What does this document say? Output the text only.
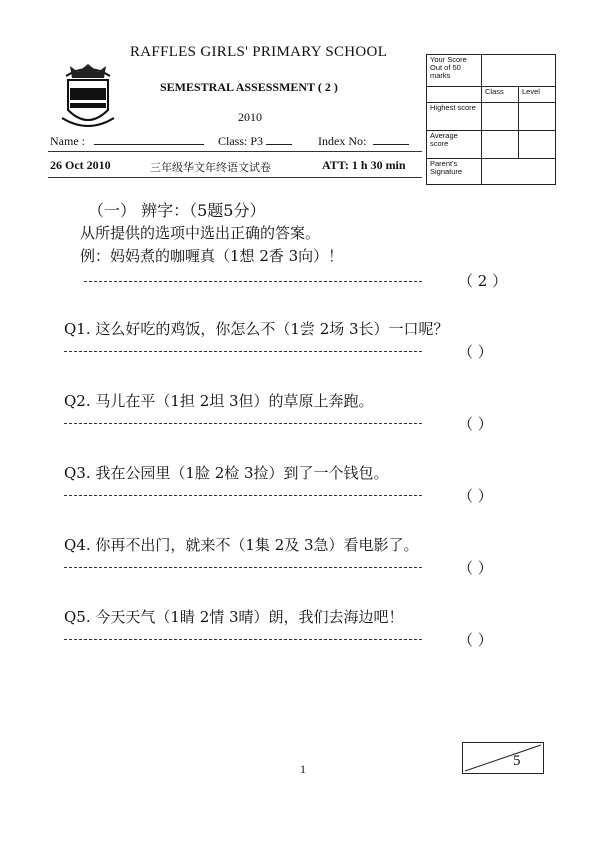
RAFFLES GIRLS' PRIMARY SCHOOL
SEMESTRAL ASSESSMENT ( 2 )
2010
Name :	Class: P3	Index No:
26 Oct 2010	三年级华文年终语文试卷	ATT: 1 h 30 min
Your Score Out of 50 marks		
	Class	Level
Highest score		
Average score		
Parent's Signature		
（一） 辨字：（5题5分）
从所提供的选项中选出正确的答案。
例：妈妈煮的咖喱真（1想 2香 3向）！
（ 2 ）
Q1. 这么好吃的鸡饭，你怎么不（1尝 2场 3长）一口呢？
（ ）
Q2. 马儿在平（1担 2坦 3但）的草原上奔跑。
（ ）
Q3. 我在公园里（1脸 2检 3捡）到了一个钱包。
（ ）
Q4. 你再不出门，就来不（1集 2及 3急）看电影了。
（ ）
Q5. 今天天气（1睛 2情 3晴）朗，我们去海边吧！
（ ）
1	5
